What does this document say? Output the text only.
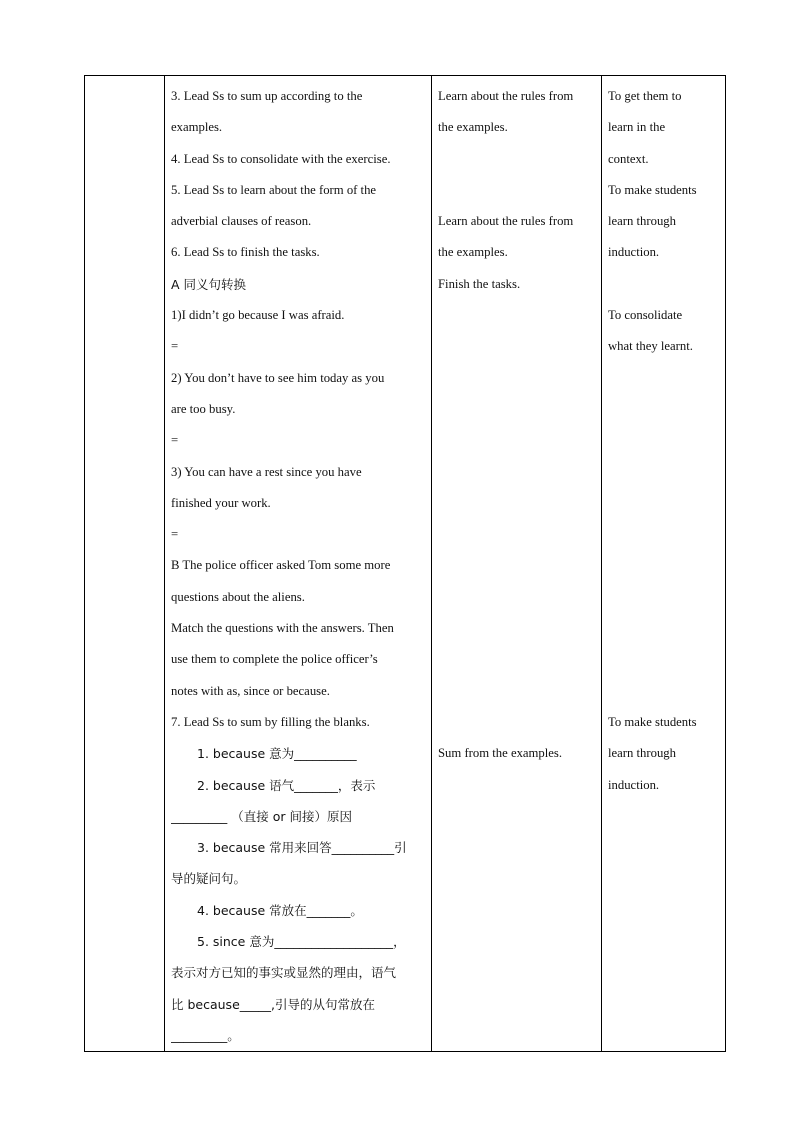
3. Lead Ss to sum up according to the
examples.
4. Lead Ss to consolidate with the exercise.
5. Lead Ss to learn about the form of the
adverbial clauses of reason.
6. Lead Ss to finish the tasks.
A 同义句转换
1)I didn’t go because I was afraid.
=
2) You don’t have to see him today as you
are too busy.
=
3) You can have a rest since you have
finished your work.
=
B The police officer asked Tom some more
questions about the aliens.
Match the questions with the answers. Then
use them to complete the police officer’s
notes with as, since or because.
7. Lead Ss to sum by filling the blanks.
1. because 意为__________
2. because 语气_______，表示
_________ （直接 or 间接）原因
3. because 常用来回答__________引
导的疑问句。
4. because 常放在_______。
5. since 意为___________________，
表示对方已知的事实或显然的理由，语气
比 because_____,引导的从句常放在
_________。

Learn about the rules from
the examples.

Learn about the rules from
the examples.
Finish the tasks.

Sum from the examples.

To get them to
learn in the
context.
To make students
learn through
induction.

To consolidate
what they learnt.

To make students
learn through
induction.
